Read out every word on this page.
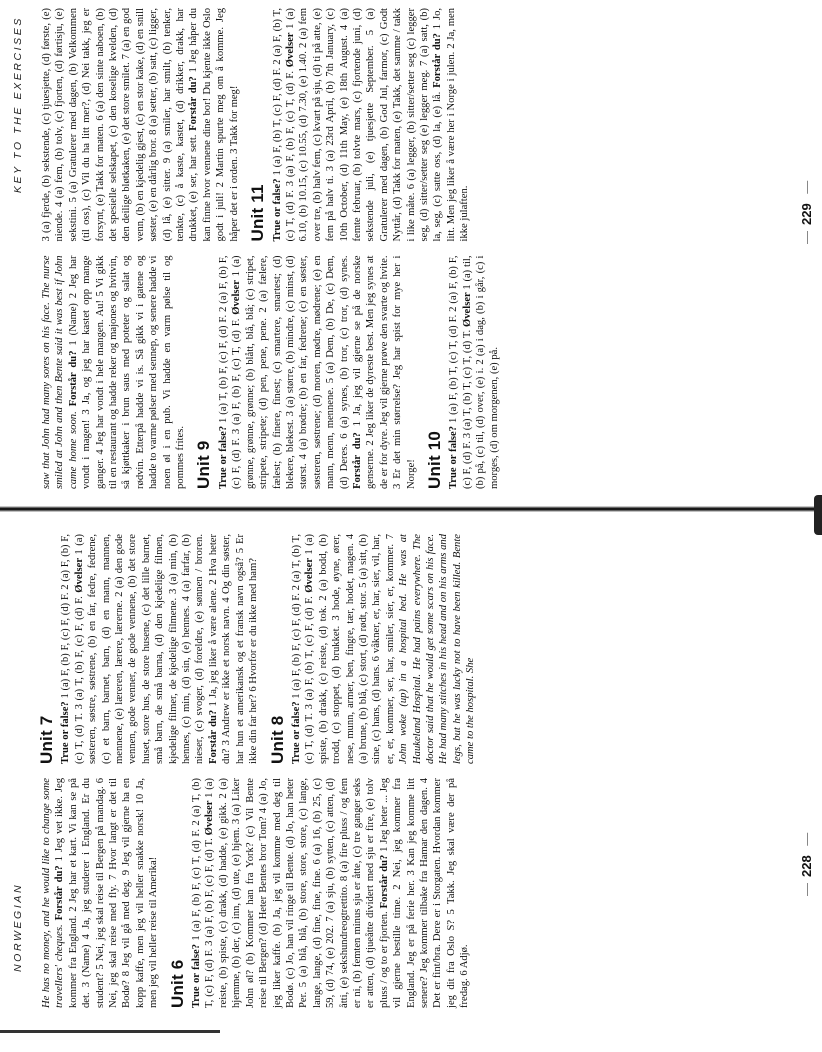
KEY TO THE EXERCISES

saw that John had many sores on his face. The nurse smiled at John and then Bente said it was best if John came home soon. Forstår du? 1 (Name) 2 Jeg har vondt i magen! 3 Ja, og jeg har kastet opp mange ganger. 4 Jeg har vondt i hele mangen. Au! 5 Vi gikk til en restaurant og hadde reker og majones og hvitvin, så kjøttkaker i brun saus med poteter og salat og rødvin. Etterpå hadde vi is. Så gikk vi i gatene og hadde to varme pølser med sennep, og senere hadde vi noen øl i en pub. Vi hadde en varm pølse til og pommes frites. Unit 9 True or false? 1 (a) T, (b) F, (c) F, (d) F. 2 (a) F, (b) F, (c) F, (d) F. 3 (a) F, (b) F, (c) T, (d) F. Øvelser 1 (a) grønne, grønne, grønne; (b) blått, blå, blå; (c) stripet, stripete, stripete; (d) pen, pene, pene. 2 (a) fælere, fælest; (b) finere, finest; (c) smartere, smartest; (d) blekere, blekest. 3 (a) større, (b) mindre, (c) minst, (d) størst. 4 (a) brødre; (b) en far, fedrene; (c) en søster, søsteren, søstrene; (d) moren, mødre, mødrene; (e) en mann, menn, mennene. 5 (a) Dem, (b) De, (c) Dem, (d) Deres. 6 (a) synes, (b) tror, (c) tror, (d) synes. Forstår du? 1 Ja, jeg vil gjerne se på de norske genserne. 2 Jeg liker de dyreste best. Men jeg synes at de er for dyre. Jeg vil gjerne prøve den svarte og hvite. 3 Er det min størrelse? Jeg har spist for mye her i Norge! Unit 10 True or false? 1 (a) F, (b) T, (c) T, (d) F. 2 (a) F, (b) F, (c) F, (d) F. 3 (a) T, (b) T, (c) T, (d) T. Øvelser 1 (a) til, (b) på, (c) til, (d) over, (e) i. 2 (a) i dag, (b) i går, (c) i morges, (d) om morgenen, (e) på.

3 (a) fjerde, (b) sekstende, (c) tjuesjette, (d) første, (e) niende. 4 (a) fem, (b) tolv, (c) fjorten, (d) førtisju, (e) sekstini. 5 (a) Gratulerer med dagen, (b) Velkommen (til oss), (c) Vil du ha litt mer?, (d) Nei takk, jeg er forsynt, (e) Takk for maten. 6 (a) den sinte naboen, (b) det spesielle selskapet, (c) den koselige kvelden, (d) den deilige bløtkaken, (e) det store smilet. 7 (a) en god venn, (b) en kjedelig gjest, (c) en stor kake, (d) en snill søster, (e) en dårlig bror. 8 (a) setter, (b) satt, (c) ligger, (d) lå, (e) sitter. 9 (a) smiler, har smilt, (b) tenker, tenkte, (c) å kaste, kastet, (d) drikker, drakk, har drukket, (e) ser, har sett. Forstår du? 1 Jeg håper du kan finne hvor vennene dine bor! Du kjente ikke Oslo godt i juli! 2 Martin spurte meg om å komme. Jeg håper det er i orden. 3 Takk for meg! Unit 11 True or false? 1 (a) F, (b) T, (c) F, (d) F. 2 (a) F, (b) T, (c) T, (d) F. 3 (a) F, (b) F, (c) T, (d) F. Øvelser 1 (a) 6.10, (b) 10.15, (c) 10.55, (d) 7.30, (e) 1.40. 2 (a) fem over tre, (b) halv fem, (c) kvart på sju, (d) ti på atte, (e) fem på halv ti. 3 (a) 23rd April, (b) 7th January, (c) 10th October, (d) 11th May, (e) 18th August. 4 (a) femte februar, (b) tolvte mars, (c) fjortende juni, (d) sekstende juli, (e) tjuesjette September. 5 (a) Gratulerer med dagen, (b) God Jul, farmor, (c) Godt Nyttår, (d) Takk for maten, (e) Takk, det samme / takk i like måte. 6 (a) legger, (b) sitter/setter seg (c) legger seg, (d) sitter/setter seg (e) legger meg. 7 (a) satt, (b) la, seg, (c) satte oss, (d) la, (e) lå. Forstår du? 1 Jo, litt. Men jeg liker å være her i Norge i julen. 2 Ja, men ikke julaften.	—229 —
NORWEGIAN He has no money, and he would like to change some travellers' cheques. Forstår du? 1 Jeg vet ikke. Jeg kommer fra England. 2 Jeg har et kart. Vi kan se på det. 3 (Name) 4 Ja, jeg studerer i England. Er du student? 5 Nei, jeg skal reise til Bergen på mandag. 6 Nei, jeg skal reise med fly. 7 Hvor langt er det til Bodø? 8 Jeg vil gå med deg. 9 Jeg vil gjerne ha en kopp kaffe, men jeg vil heller snakke norsk! 10 Ja, men jeg vil heller reise til Amerika! Unit 6 True or false? 1 (a) F, (b) F, (c) T, (d) F. 2 (a) T, (b) T, (c) F, (d) F. 3 (a) F, (b) F, (c) F, (d) T. Øvelser 1 (a) reiste, (b) spiste, (c) drakk, (d) hadde, (e) gikk. 2 (a) hjemme, (b) der, (c) inn, (d) ute, (e) hjem. 3 (a) Liker John øl? (b) Kommer han fra York? (c) Vil Bente reise til Bergen? (d) Heter Bentes bror Tom? 4 (a) Jo, jeg liker kaffe. (b) Ja, jeg vil komme med deg til Bodø. (c) Jo, han vil ringe til Bente. (d) Jo, han heter Per. 5 (a) blå, blå, (b) store, store, store, (c) lange, lange, lange, (d) fine, fine, fine. 6 (a) 16, (b) 25, (c) 59, (d) 74, (e) 202. 7 (a) sju, (b) sytten, (c) atten, (d) åtti, (e) sekshundreogtrettito. 8 (a) fire pluss / og fem er ni, (b) femten minus sju er åtte, (c) tre ganger seks er atten, (d) tjueåtte dividert med sju er fire, (e) tolv pluss / og to er fjorten. Forstår du? 1 Jeg heter ... Jeg vil gjerne bestille time. 2 Nei, jeg kommer fra England. Jeg er på ferie her. 3 Kan jeg komme litt senere? Jeg kommer tilbake fra Hamar den dagen. 4 Det er fint/bra. Dere er i Storgaten. Hvordan kommer jeg dit fra Oslo S? 5 Takk. Jeg skal være der på fredag. 6 Adjø.

Unit 7 True or false? 1 (a) F, (b) F, (c) F, (d) F. 2 (a) F, (b) F, (c) T, (d) T. 3 (a) T, (b) F, (c) F, (d) F. Øvelser 1 (a) søsteren, søstre, søstrene, (b) en far, fedre, fedrene, (c) et barn, barnet, barn, (d) en mann, mannen, mennene, (e) læreren, lærere, lærerne. 2 (a) den gode vennen, gode venner, de gode vennene, (b) det store huset, store hus, de store husene, (c) det lille barnet, små barn, de små barna, (d) den kjedelige filmen, kjedelige filmer, de kjedelige filmene. 3 (a) min, (b) hennes, (c) min, (d) sin, (e) hennes. 4 (a) farfar, (b) nieser, (c) svoger, (d) foreldre, (e) sønnen / broren. Forstår du? 1 Ja, jeg liker å være alene. 2 Hva heter du? 3 Andrew er ikke et norsk navn. 4 Og din søster, har hun et amerikansk og et fransk navn også? 5 Er ikke din far her? 6 Hvorfor er du ikke med ham? Unit 8 True or false? 1 (a) F, (b) F, (c) F, (d) F. 2 (a) T, (b) T, (c) T, (d) T. 3 (a) F, (b) T, (c) F, (d) F. Øvelser 1 (a) spiste, (b) drakk, (c) reiste, (d) tok. 2 (a) bodd, (b) trodd, (c) stoppet, (d) brukket. 3 hode, øyne, ører, nese, munn, armer, ben, fingre, tær, hodet, magen. 4 (a) brune, (b) blå, (c) stort, (d) rødt, stor. 5 (a) sitt, (b) sine, (c) hans, (d) hans. 6 våkner, er, har, sier, vil, har, er, er, kommer, ser, har, smiler, sier, er, kommer. 7 John woke (up) in a hospital bed. He was at Haukeland Hospital. He had pains everywhere. The doctor said that he would get some scars on his face. He had many stitches in his head and on his arms and legs, but he was lucky not to have been killed. Bente came to the hospital. She

—228 —
